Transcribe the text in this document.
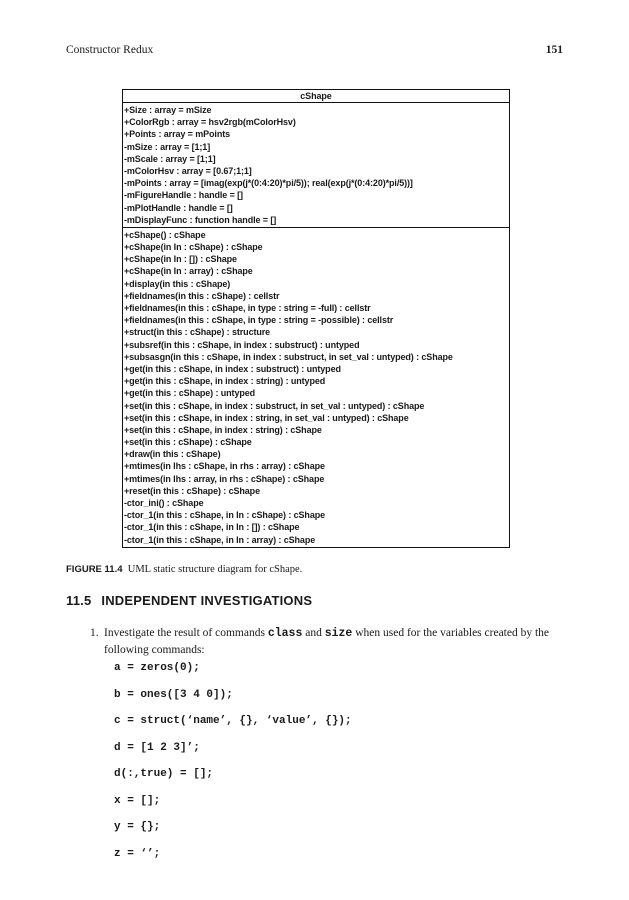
Constructor Redux	151
cShape
+Size : array = mSize
+ColorRgb : array = hsv2rgb(mColorHsv)
+Points : array = mPoints
-mSize : array = [1;1]
-mScale : array = [1;1]
-mColorHsv : array = [0.67;1;1]
-mPoints : array = [imag(exp(j*(0:4:20)*pi/5)); real(exp(j*(0:4:20)*pi/5))]
-mFigureHandle : handle = []
-mPlotHandle : handle = []
-mDisplayFunc : function handle = []
+cShape() : cShape
+cShape(in In : cShape) : cShape
+cShape(in In : []) : cShape
+cShape(in In : array) : cShape
+display(in this : cShape)
+fieldnames(in this : cShape) : cellstr
+fieldnames(in this : cShape, in type : string = -full) : cellstr
+fieldnames(in this : cShape, in type : string = -possible) : cellstr
+struct(in this : cShape) : structure
+subsref(in this : cShape, in index : substruct) : untyped
+subsasgn(in this : cShape, in index : substruct, in set_val : untyped) : cShape
+get(in this : cShape, in index : substruct) : untyped
+get(in this : cShape, in index : string) : untyped
+get(in this : cShape) : untyped
+set(in this : cShape, in index : substruct, in set_val : untyped) : cShape
+set(in this : cShape, in index : string, in set_val : untyped) : cShape
+set(in this : cShape, in index : string) : cShape
+set(in this : cShape) : cShape
+draw(in this : cShape)
+mtimes(in lhs : cShape, in rhs : array) : cShape
+mtimes(in lhs : array, in rhs : cShape) : cShape
+reset(in this : cShape) : cShape
-ctor_ini() : cShape
-ctor_1(in this : cShape, in In : cShape) : cShape
-ctor_1(in this : cShape, in In : []) : cShape
-ctor_1(in this : cShape, in In : array) : cShape
FIGURE 11.4 UML static structure diagram for cShape.
11.5 INDEPENDENT INVESTIGATIONS
1. Investigate the result of commands class and size when used for the variables created by the following commands:
a = zeros(0);
b = ones([3 4 0]);
c = struct(‘name’, {}, ‘value’, {});
d = [1 2 3]’;
d(:,true) = [];
x = [];
y = {};
z = ‘’;
